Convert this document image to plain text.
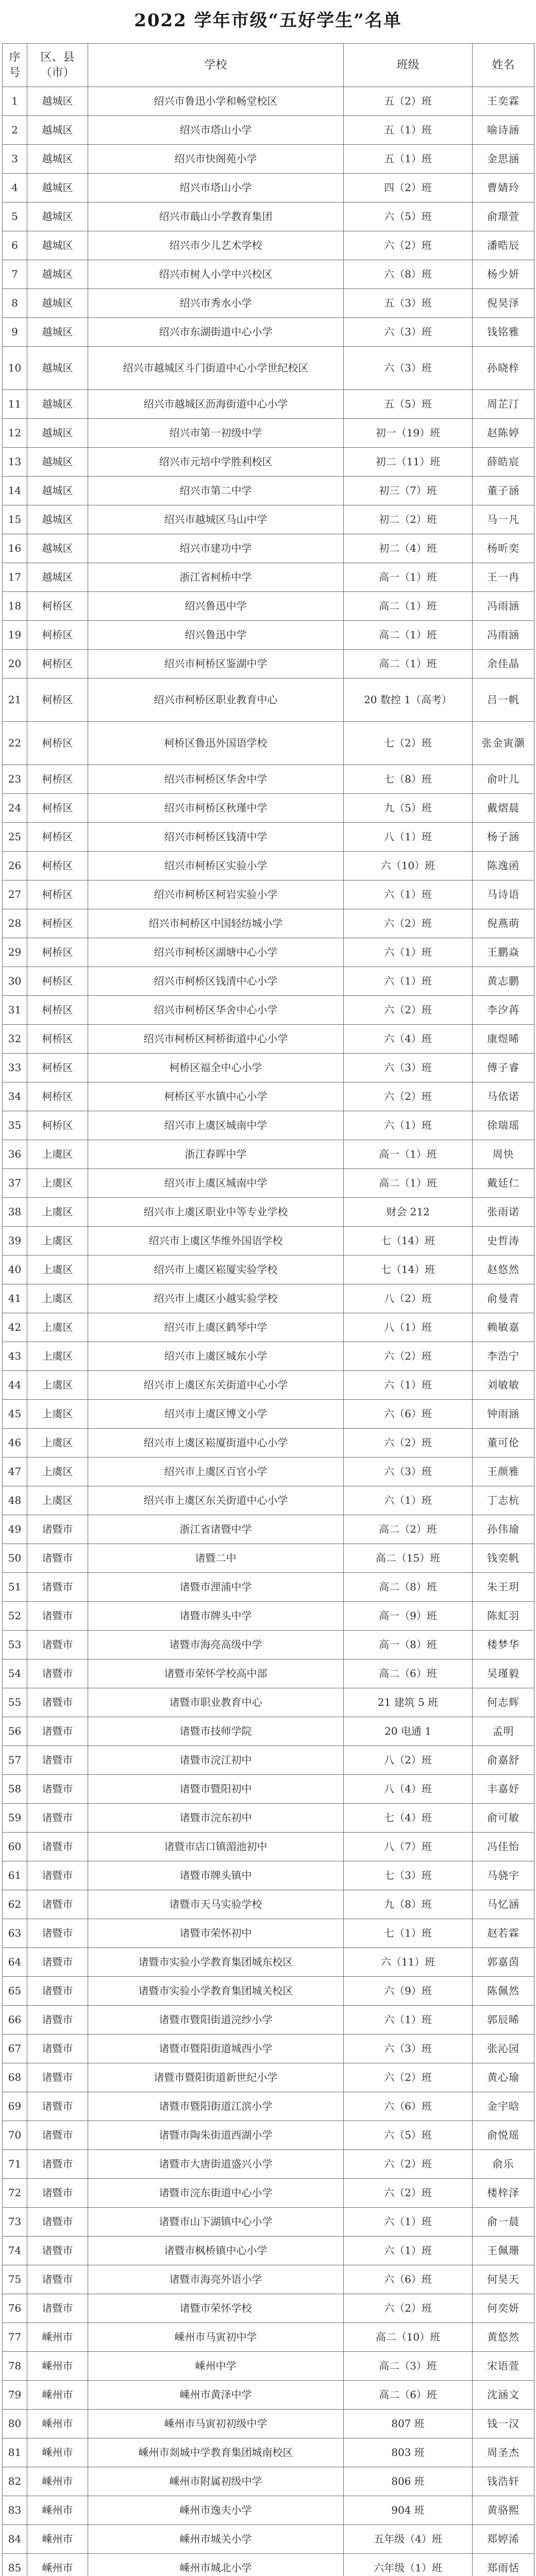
2022 学年市级“五好学生”名单
序号	区、县（市）	学校	班级	姓名
1	越城区	绍兴市鲁迅小学和畅堂校区	五（2）班	王奕霖
2	越城区	绍兴市塔山小学	五（1）班	喻诗涵
3	越城区	绍兴市快阁苑小学	五（1）班	金思涵
4	越城区	绍兴市塔山小学	四（2）班	曹婧玲
5	越城区	绍兴市蕺山小学教育集团	六（5）班	俞璟萱
6	越城区	绍兴市少儿艺术学校	六（2）班	潘晧辰
7	越城区	绍兴市树人小学中兴校区	六（8）班	杨少妍
8	越城区	绍兴市秀水小学	五（3）班	倪昊泽
9	越城区	绍兴市东湖街道中心小学	六（3）班	钱铭雅
10	越城区	绍兴市越城区斗门街道中心小学世纪校区	六（3）班	孙晓梓
11	越城区	绍兴市越城区沥海街道中心小学	五（5）班	周芷汀
12	越城区	绍兴市第一初级中学	初一（19）班	赵陈婷
13	越城区	绍兴市元培中学胜利校区	初二（11）班	薛皓宸
14	越城区	绍兴市第二中学	初三（7）班	董子涵
15	越城区	绍兴市越城区马山中学	初二（2）班	马一凡
16	越城区	绍兴市建功中学	初二（4）班	杨昕奕
17	越城区	浙江省柯桥中学	高一（1）班	王一冉
18	柯桥区	绍兴鲁迅中学	高二（1）班	冯雨涵
19	柯桥区	绍兴鲁迅中学	高二（1）班	冯雨涵
20	柯桥区	绍兴市柯桥区鉴湖中学	高二（1）班	余佳晶
21	柯桥区	绍兴市柯桥区职业教育中心	20 数控 1（高考）	吕一帆
22	柯桥区	柯桥区鲁迅外国语学校	七（2）班	张金寅灏
23	柯桥区	绍兴市柯桥区华舍中学	七（8）班	俞叶儿
24	柯桥区	绍兴市柯桥区秋瑾中学	九（5）班	戴熠晨
25	柯桥区	绍兴市柯桥区钱清中学	八（1）班	杨子涵
26	柯桥区	绍兴市柯桥区实验小学	六（10）班	陈逸函
27	柯桥区	绍兴市柯桥区柯岩实验小学	六（1）班	马诗语
28	柯桥区	绍兴市柯桥区中国轻纺城小学	六（2）班	倪燕萌
29	柯桥区	绍兴市柯桥区湖塘中心小学	六（1）班	王鹏焱
30	柯桥区	绍兴市柯桥区钱清中心小学	六（1）班	黄志鹏
31	柯桥区	绍兴市柯桥区华舍中心小学	六（2）班	李汐苒
32	柯桥区	绍兴市柯桥区柯桥街道中心小学	六（4）班	康煜晞
33	柯桥区	柯桥区福全中心小学	六（3）班	傅子睿
34	柯桥区	柯桥区平水镇中心小学	六（2）班	马依诺
35	柯桥区	绍兴市上虞区城南中学	六（1）班	徐瑞瑶
36	上虞区	浙江春晖中学	高一（1）班	周快
37	上虞区	绍兴市上虞区城南中学	高二（1）班	戴廷仁
38	上虞区	绍兴市上虞区职业中等专业学校	财会 212	张雨诺
39	上虞区	绍兴市上虞区华维外国语学校	七（14）班	史哲涛
40	上虞区	绍兴市上虞区崧厦实验学校	七（14）班	赵悠然
41	上虞区	绍兴市上虞区小越实验学校	八（2）班	俞曼青
42	上虞区	绍兴市上虞区鹤琴中学	八（1）班	赖敏嘉
43	上虞区	绍兴市上虞区城东小学	六（2）班	李浩宁
44	上虞区	绍兴市上虞区东关街道中心小学	六（1）班	刘敏敏
45	上虞区	绍兴市上虞区博文小学	六（6）班	钟雨涵
46	上虞区	绍兴市上虞区崧厦街道中心小学	六（2）班	董可伦
47	上虞区	绍兴市上虞区百官小学	六（3）班	王颜雅
48	上虞区	绍兴市上虞区东关街道中心小学	六（1）班	丁志杭
49	诸暨市	浙江省诸暨中学	高二（2）班	孙伟瑜
50	诸暨市	诸暨二中	高二（15）班	钱奕帆
51	诸暨市	诸暨市浬浦中学	高二（8）班	朱王玥
52	诸暨市	诸暨市牌头中学	高一（9）班	陈虹羽
53	诸暨市	诸暨市海亮高级中学	高一（8）班	楼梦华
54	诸暨市	诸暨市荣怀学校高中部	高二（6）班	吴瑾毅
55	诸暨市	诸暨市职业教育中心	21 建筑 5 班	何志辉
56	诸暨市	诸暨市技师学院	20 电通 1	孟明
57	诸暨市	诸暨市浣江初中	八（2）班	俞嘉舒
58	诸暨市	诸暨市暨阳初中	八（4）班	丰嘉妤
59	诸暨市	诸暨市浣东初中	七（4）班	俞可敏
60	诸暨市	诸暨市店口镇湄池初中	八（7）班	冯佳怡
61	诸暨市	诸暨市牌头镇中	七（3）班	马骁宇
62	诸暨市	诸暨市天马实验学校	九（8）班	马忆涵
63	诸暨市	诸暨市荣怀初中	七（1）班	赵若霖
64	诸暨市	诸暨市实验小学教育集团城东校区	六（11）班	郭嘉茵
65	诸暨市	诸暨市实验小学教育集团城关校区	六（9）班	陈佩然
66	诸暨市	诸暨市暨阳街道浣纱小学	六（1）班	郭辰晞
67	诸暨市	诸暨市暨阳街道城西小学	六（3）班	张沁园
68	诸暨市	诸暨市暨阳街道新世纪小学	六（2）班	黄心瑜
69	诸暨市	诸暨市暨阳街道江滨小学	六（6）班	金宇晗
70	诸暨市	诸暨市陶朱街道西湖小学	六（5）班	俞悦瑶
71	诸暨市	诸暨市大唐街道盛兴小学	六（2）班	俞乐
72	诸暨市	诸暨市浣东街道中心小学	六（2）班	楼梓泽
73	诸暨市	诸暨市山下湖镇中心小学	六（1）班	俞一晨
74	诸暨市	诸暨市枫桥镇中心小学	六（1）班	王佩珊
75	诸暨市	诸暨市海亮外语小学	六（6）班	何昊天
76	诸暨市	诸暨市荣怀学校	六（2）班	何奕妍
77	嵊州市	嵊州市马寅初中学	高二（10）班	黄悠然
78	嵊州市	嵊州中学	高二（3）班	宋语萱
79	嵊州市	嵊州市黄泽中学	高二（6）班	沈涵文
80	嵊州市	嵊州市马寅初初级中学	807 班	钱一汉
81	嵊州市	嵊州市剡城中学教育集团城南校区	803 班	周圣杰
82	嵊州市	嵊州市附属初级中学	806 班	钱浩轩
83	嵊州市	嵊州市逸夫小学	904 班	黄骆熙
84	嵊州市	嵊州市城关小学	五年级（4）班	郑婷浠
85	嵊州市	嵊州市城北小学	六年级（1）班	郑雨恬
